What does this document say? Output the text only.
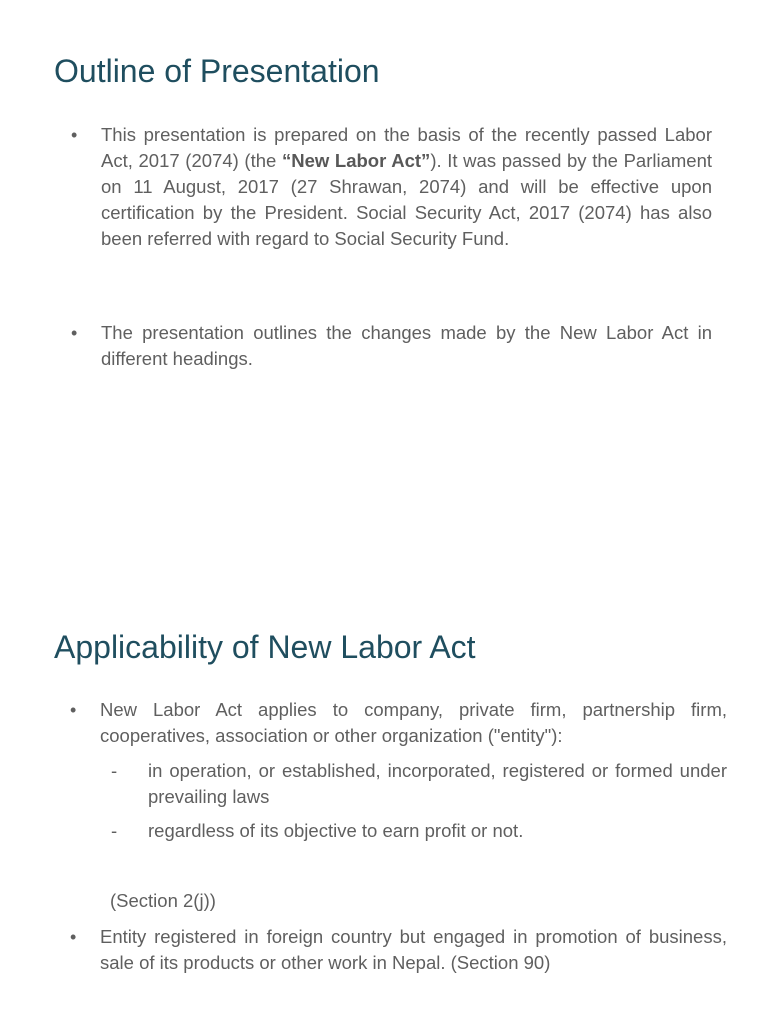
Outline of Presentation
• This presentation is prepared on the basis of the recently passed Labor Act, 2017 (2074) (the “New Labor Act”). It was passed by the Parliament on 11 August, 2017 (27 Shrawan, 2074) and will be effective upon certification by the President. Social Security Act, 2017 (2074) has also been referred with regard to Social Security Fund.
• The presentation outlines the changes made by the New Labor Act in different headings.
Applicability of New Labor Act
• New Labor Act applies to company, private firm, partnership firm, cooperatives, association or other organization ("entity"):
- in operation, or established, incorporated, registered or formed under prevailing laws
- regardless of its objective to earn profit or not.
(Section 2(j))
• Entity registered in foreign country but engaged in promotion of business, sale of its products or other work in Nepal. (Section 90)
